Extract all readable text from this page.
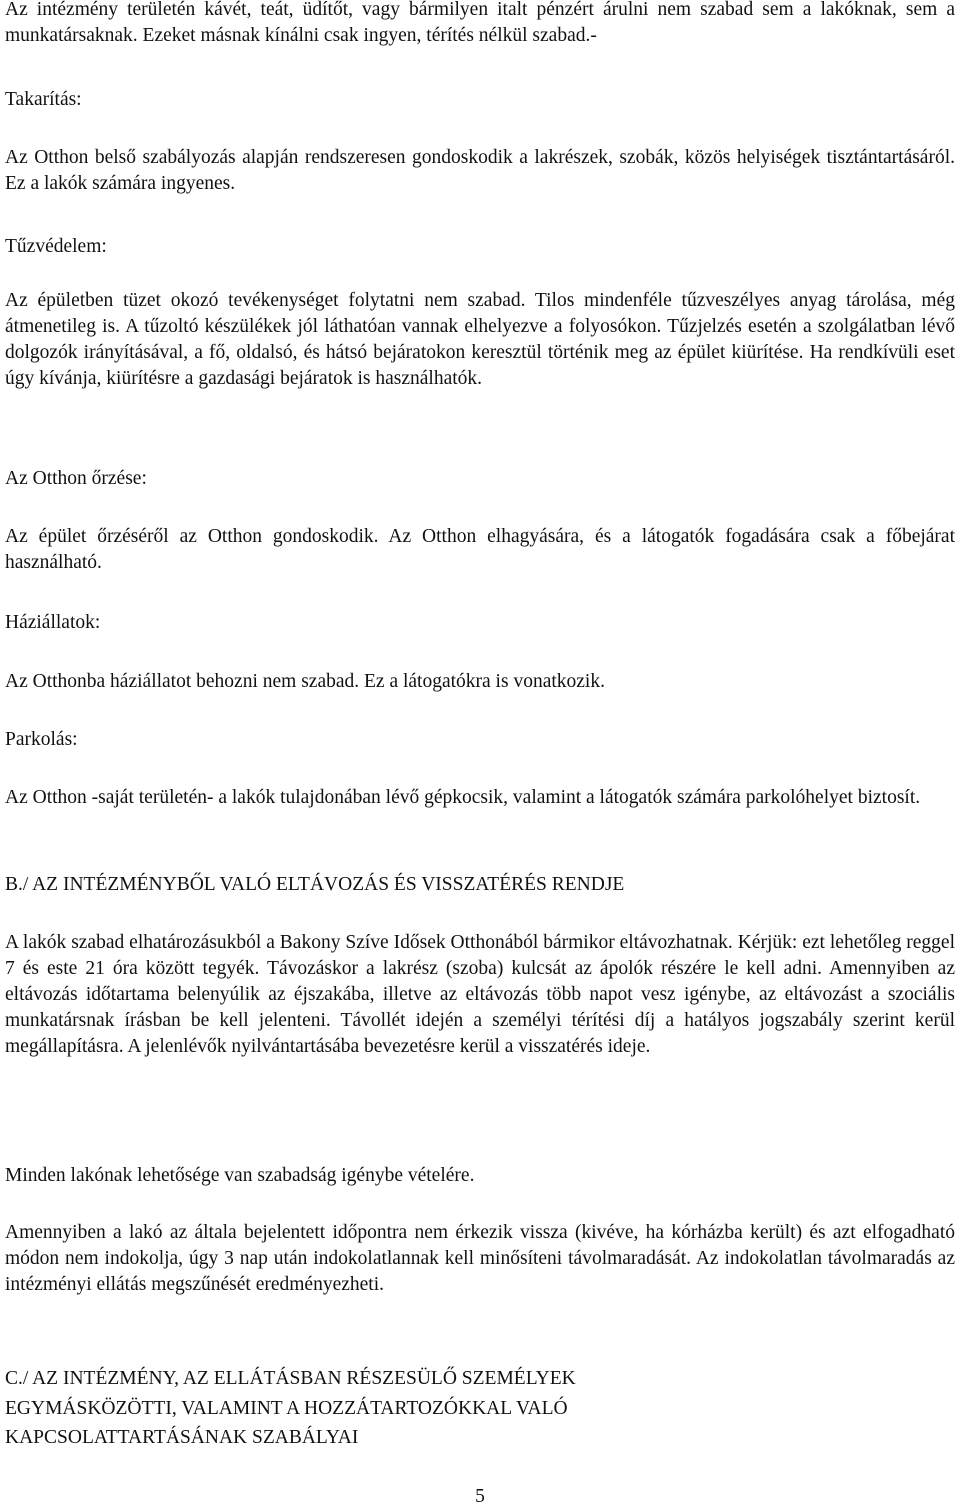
Az intézmény területén kávét, teát, üdítőt, vagy bármilyen italt pénzért árulni nem szabad sem a lakóknak, sem a munkatársaknak. Ezeket másnak kínálni csak ingyen, térítés nélkül szabad.-

Takarítás:

Az Otthon belső szabályozás alapján rendszeresen gondoskodik a lakrészek, szobák, közös helyiségek tisztántartásáról. Ez a lakók számára ingyenes.

Tűzvédelem:

Az épületben tüzet okozó tevékenységet folytatni nem szabad. Tilos mindenféle tűzveszélyes anyag tárolása, még átmenetileg is. A tűzoltó készülékek jól láthatóan vannak elhelyezve a folyosókon. Tűzjelzés esetén a szolgálatban lévő dolgozók irányításával, a fő, oldalsó, és hátsó bejáratokon keresztül történik meg az épület kiürítése. Ha rendkívüli eset úgy kívánja, kiürítésre a gazdasági bejáratok is használhatók.

Az Otthon őrzése:

Az épület őrzéséről az Otthon gondoskodik. Az Otthon elhagyására, és a látogatók fogadására csak a főbejárat használható.

Háziállatok:

Az Otthonba háziállatot behozni nem szabad. Ez a látogatókra is vonatkozik.

Parkolás:

Az Otthon -saját területén- a lakók tulajdonában lévő gépkocsik, valamint a látogatók számára parkolóhelyet biztosít.

B./ AZ INTÉZMÉNYBŐL VALÓ ELTÁVOZÁS ÉS VISSZATÉRÉS RENDJE

A lakók szabad elhatározásukból a Bakony Szíve Idősek Otthonából bármikor eltávozhatnak. Kérjük: ezt lehetőleg reggel 7 és este 21 óra között tegyék. Távozáskor a lakrész (szoba) kulcsát az ápolók részére le kell adni. Amennyiben az eltávozás időtartama belenyúlik az éjszakába, illetve az eltávozás több napot vesz igénybe, az eltávozást a szociális munkatársnak írásban be kell jelenteni. Távollét idején a személyi térítési díj a hatályos jogszabály szerint kerül megállapításra. A jelenlévők nyilvántartásába bevezetésre kerül a visszatérés ideje.

Minden lakónak lehetősége van szabadság igénybe vételére.

Amennyiben a lakó az általa bejelentett időpontra nem érkezik vissza (kivéve, ha kórházba került) és azt elfogadható módon nem indokolja, úgy 3 nap után indokolatlannak kell minősíteni távolmaradását. Az indokolatlan távolmaradás az intézményi ellátás megszűnését eredményezheti.

C./ AZ INTÉZMÉNY, AZ ELLÁTÁSBAN RÉSZESÜLŐ SZEMÉLYEK

EGYMÁSKÖZÖTTI, VALAMINT A HOZZÁTARTOZÓKKAL VALÓ

KAPCSOLATTARTÁSÁNAK SZABÁLYAI

5
